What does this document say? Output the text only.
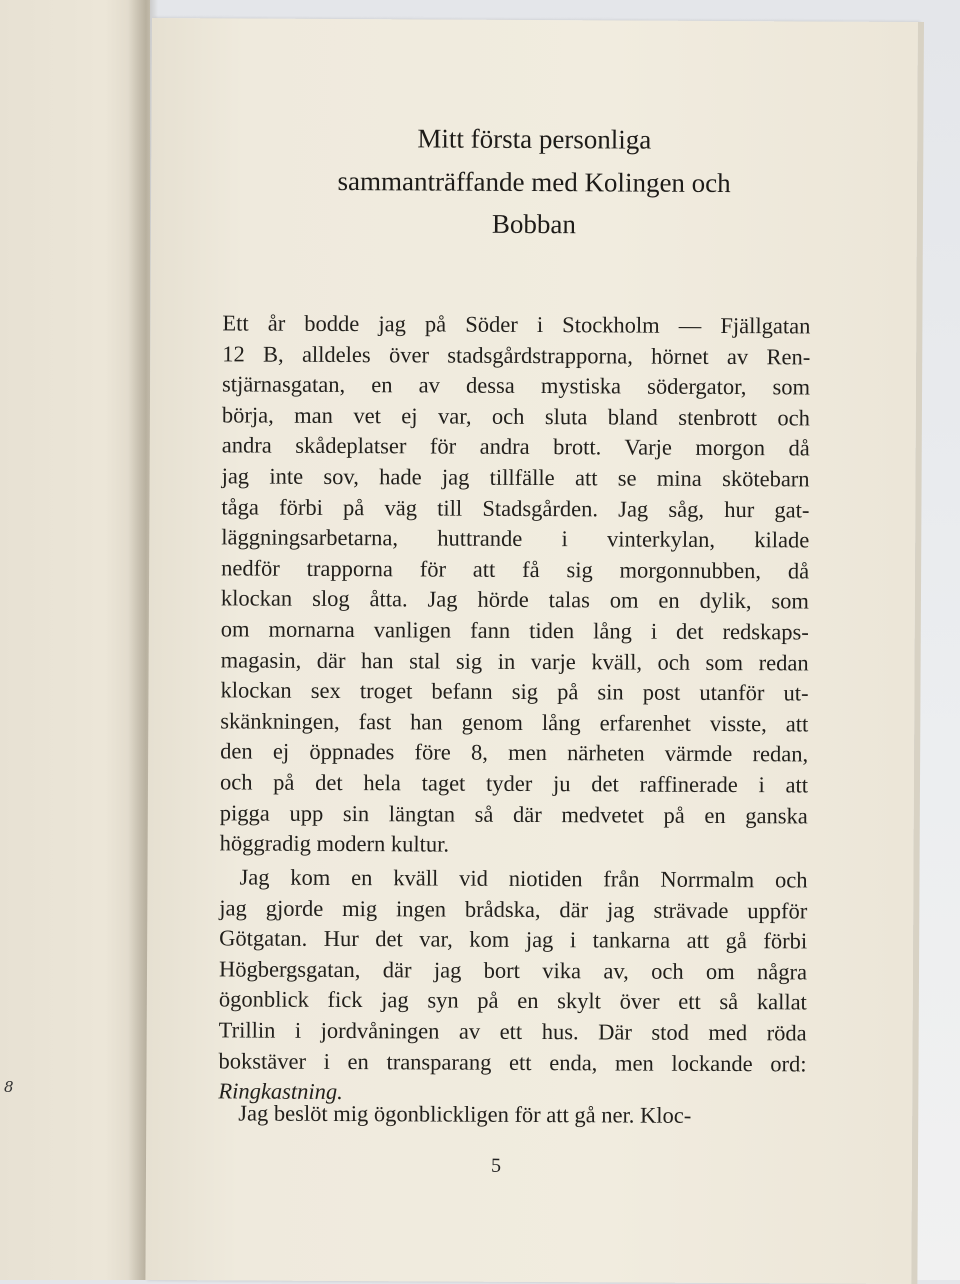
8
Mitt första personliga
sammanträffande med Kolingen och
Bobban
Ett år bodde jag på Söder i Stockholm — Fjällgatan
12 B, alldeles över stadsgårdstrapporna, hörnet av Ren-
stjärnasgatan, en av dessa mystiska södergator, som
börja, man vet ej var, och sluta bland stenbrott och
andra skådeplatser för andra brott. Varje morgon då
jag inte sov, hade jag tillfälle att se mina skötebarn
tåga förbi på väg till Stadsgården. Jag såg, hur gat-
läggningsarbetarna, huttrande i vinterkylan, kilade
nedför trapporna för att få sig morgonnubben, då
klockan slog åtta. Jag hörde talas om en dylik, som
om mornarna vanligen fann tiden lång i det redskaps-
magasin, där han stal sig in varje kväll, och som redan
klockan sex troget befann sig på sin post utanför ut-
skänkningen, fast han genom lång erfarenhet visste, att
den ej öppnades före 8, men närheten värmde redan,
och på det hela taget tyder ju det raffinerade i att
pigga upp sin längtan så där medvetet på en ganska
höggradig modern kultur.
Jag kom en kväll vid niotiden från Norrmalm och
jag gjorde mig ingen brådska, där jag strävade uppför
Götgatan. Hur det var, kom jag i tankarna att gå förbi
Högbergsgatan, där jag bort vika av, och om några
ögonblick fick jag syn på en skylt över ett så kallat
Trillin i jordvåningen av ett hus. Där stod med röda
bokstäver i en transparang ett enda, men lockande ord:
Ringkastning.
Jag beslöt mig ögonblickligen för att gå ner. Kloc-
5
